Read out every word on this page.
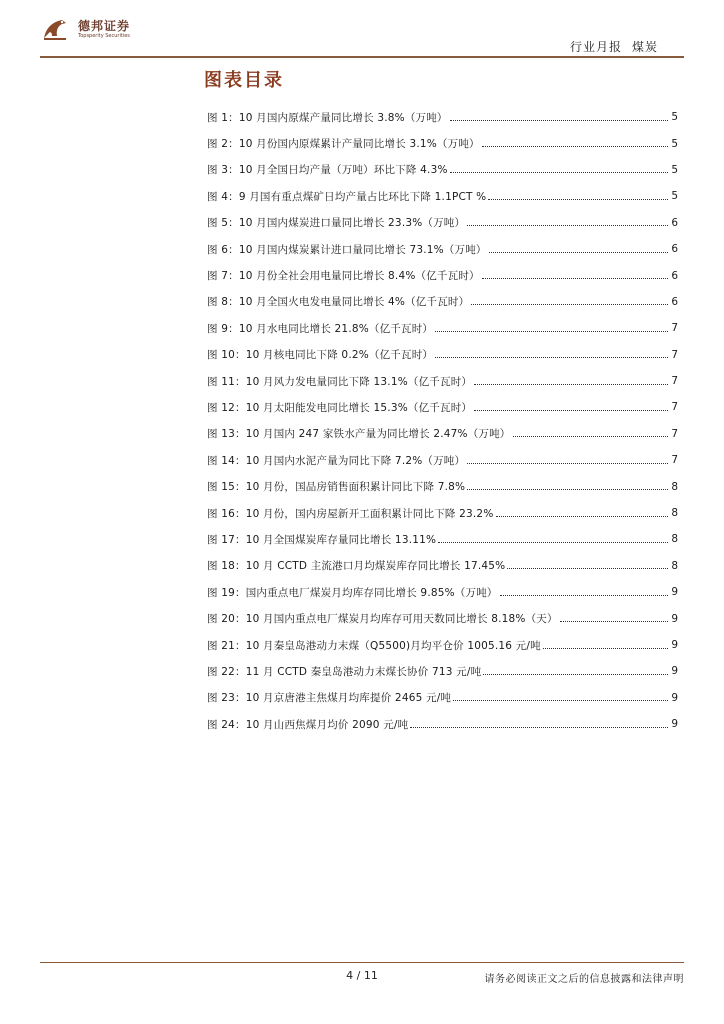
德邦证券
Topsperity Securities
行业月报 煤炭
图表目录
图 1：10 月国内原煤产量同比增长 3.8%（万吨）	5
图 2：10 月份国内原煤累计产量同比增长 3.1%（万吨）	5
图 3：10 月全国日均产量（万吨）环比下降 4.3%	5
图 4：9 月国有重点煤矿日均产量占比环比下降 1.1PCT %	5
图 5：10 月国内煤炭进口量同比增长 23.3%（万吨）	6
图 6：10 月国内煤炭累计进口量同比增长 73.1%（万吨）	6
图 7：10 月份全社会用电量同比增长 8.4%（亿千瓦时）	6
图 8：10 月全国火电发电量同比增长 4%（亿千瓦时）	6
图 9：10 月水电同比增长 21.8%（亿千瓦时）	7
图 10：10 月核电同比下降 0.2%（亿千瓦时）	7
图 11：10 月风力发电量同比下降 13.1%（亿千瓦时）	7
图 12：10 月太阳能发电同比增长 15.3%（亿千瓦时）	7
图 13：10 月国内 247 家铁水产量为同比增长 2.47%（万吨）	7
图 14：10 月国内水泥产量为同比下降 7.2%（万吨）	7
图 15：10 月份，国品房销售面积累计同比下降 7.8%	8
图 16：10 月份，国内房屋新开工面积累计同比下降 23.2%	8
图 17：10 月全国煤炭库存量同比增长 13.11%	8
图 18：10 月 CCTD 主流港口月均煤炭库存同比增长 17.45%	8
图 19：国内重点电厂煤炭月均库存同比增长 9.85%（万吨）	9
图 20：10 月国内重点电厂煤炭月均库存可用天数同比增长 8.18%（天）	9
图 21：10 月秦皇岛港动力末煤（Q5500)月均平仓价 1005.16 元/吨	9
图 22：11 月 CCTD 秦皇岛港动力末煤长协价 713 元/吨	9
图 23：10 月京唐港主焦煤月均库提价 2465 元/吨	9
图 24：10 月山西焦煤月均价 2090 元/吨	9
4 / 11	请务必阅读正文之后的信息披露和法律声明
